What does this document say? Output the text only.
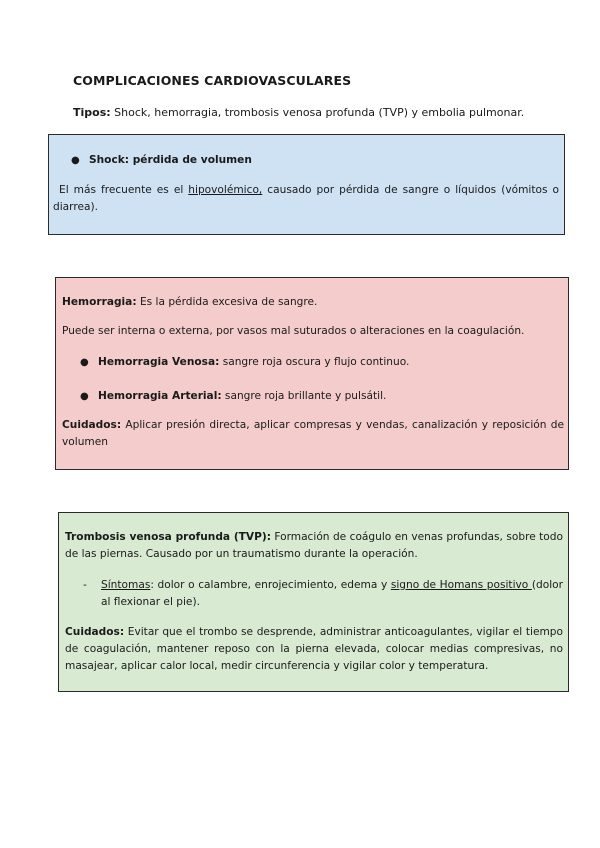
COMPLICACIONES CARDIOVASCULARES
Tipos: Shock, hemorragia, trombosis venosa profunda (TVP) y embolia pulmonar.
● Shock: pérdida de volumen

El más frecuente es el hipovolémico, causado por pérdida de sangre o líquidos (vómitos o diarrea).

Hemorragia: Es la pérdida excesiva de sangre.

Puede ser interna o externa, por vasos mal suturados o alteraciones en la coagulación.

● Hemorragia Venosa: sangre roja oscura y flujo continuo.

● Hemorragia Arterial: sangre roja brillante y pulsátil.

Cuidados: Aplicar presión directa, aplicar compresas y vendas, canalización y reposición de volumen

Trombosis venosa profunda (TVP): Formación de coágulo en venas profundas, sobre todo de las piernas. Causado por un traumatismo durante la operación.

- Síntomas: dolor o calambre, enrojecimiento, edema y signo de Homans positivo (dolor al flexionar el pie).

Cuidados: Evitar que el trombo se desprende, administrar anticoagulantes, vigilar el tiempo de coagulación, mantener reposo con la pierna elevada, colocar medias compresivas, no masajear, aplicar calor local, medir circunferencia y vigilar color y temperatura.
